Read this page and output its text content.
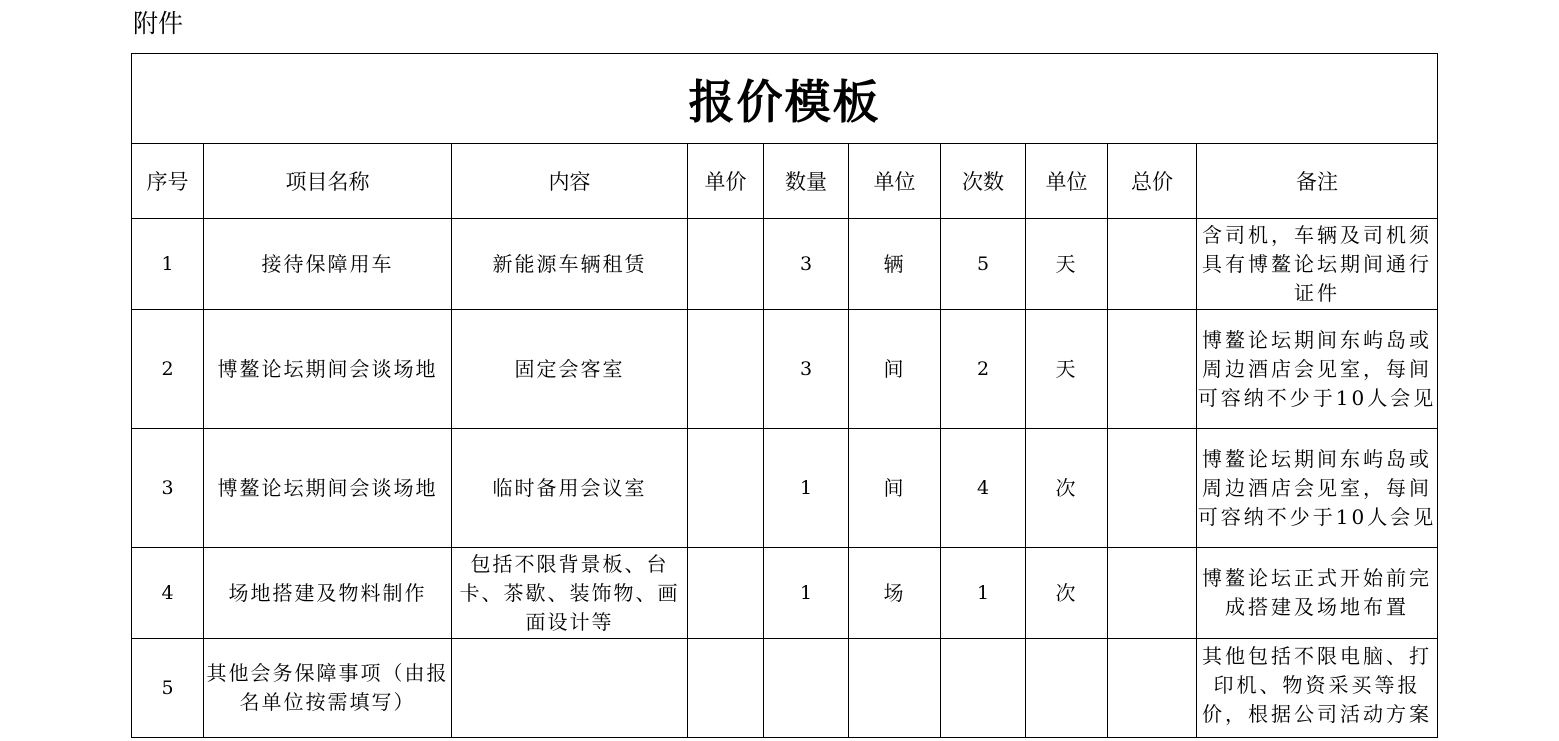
附件
报价模板									
序号	项目名称	内容	单价	数量	单位	次数	单位	总价	备注
1	接待保障用车	新能源车辆租赁		3	辆	5	天		含司机，车辆及司机须具有博鳌论坛期间通行证件
2	博鳌论坛期间会谈场地	固定会客室		3	间	2	天		博鳌论坛期间东屿岛或周边酒店会见室，每间可容纳不少于10人会见
3	博鳌论坛期间会谈场地	临时备用会议室		1	间	4	次		博鳌论坛期间东屿岛或周边酒店会见室，每间可容纳不少于10人会见
4	场地搭建及物料制作	包括不限背景板、台卡、茶歇、装饰物、画面设计等		1	场	1	次		博鳌论坛正式开始前完成搭建及场地布置
5	其他会务保障事项（由报名单位按需填写）								其他包括不限电脑、打印机、物资采买等报价，根据公司活动方案
